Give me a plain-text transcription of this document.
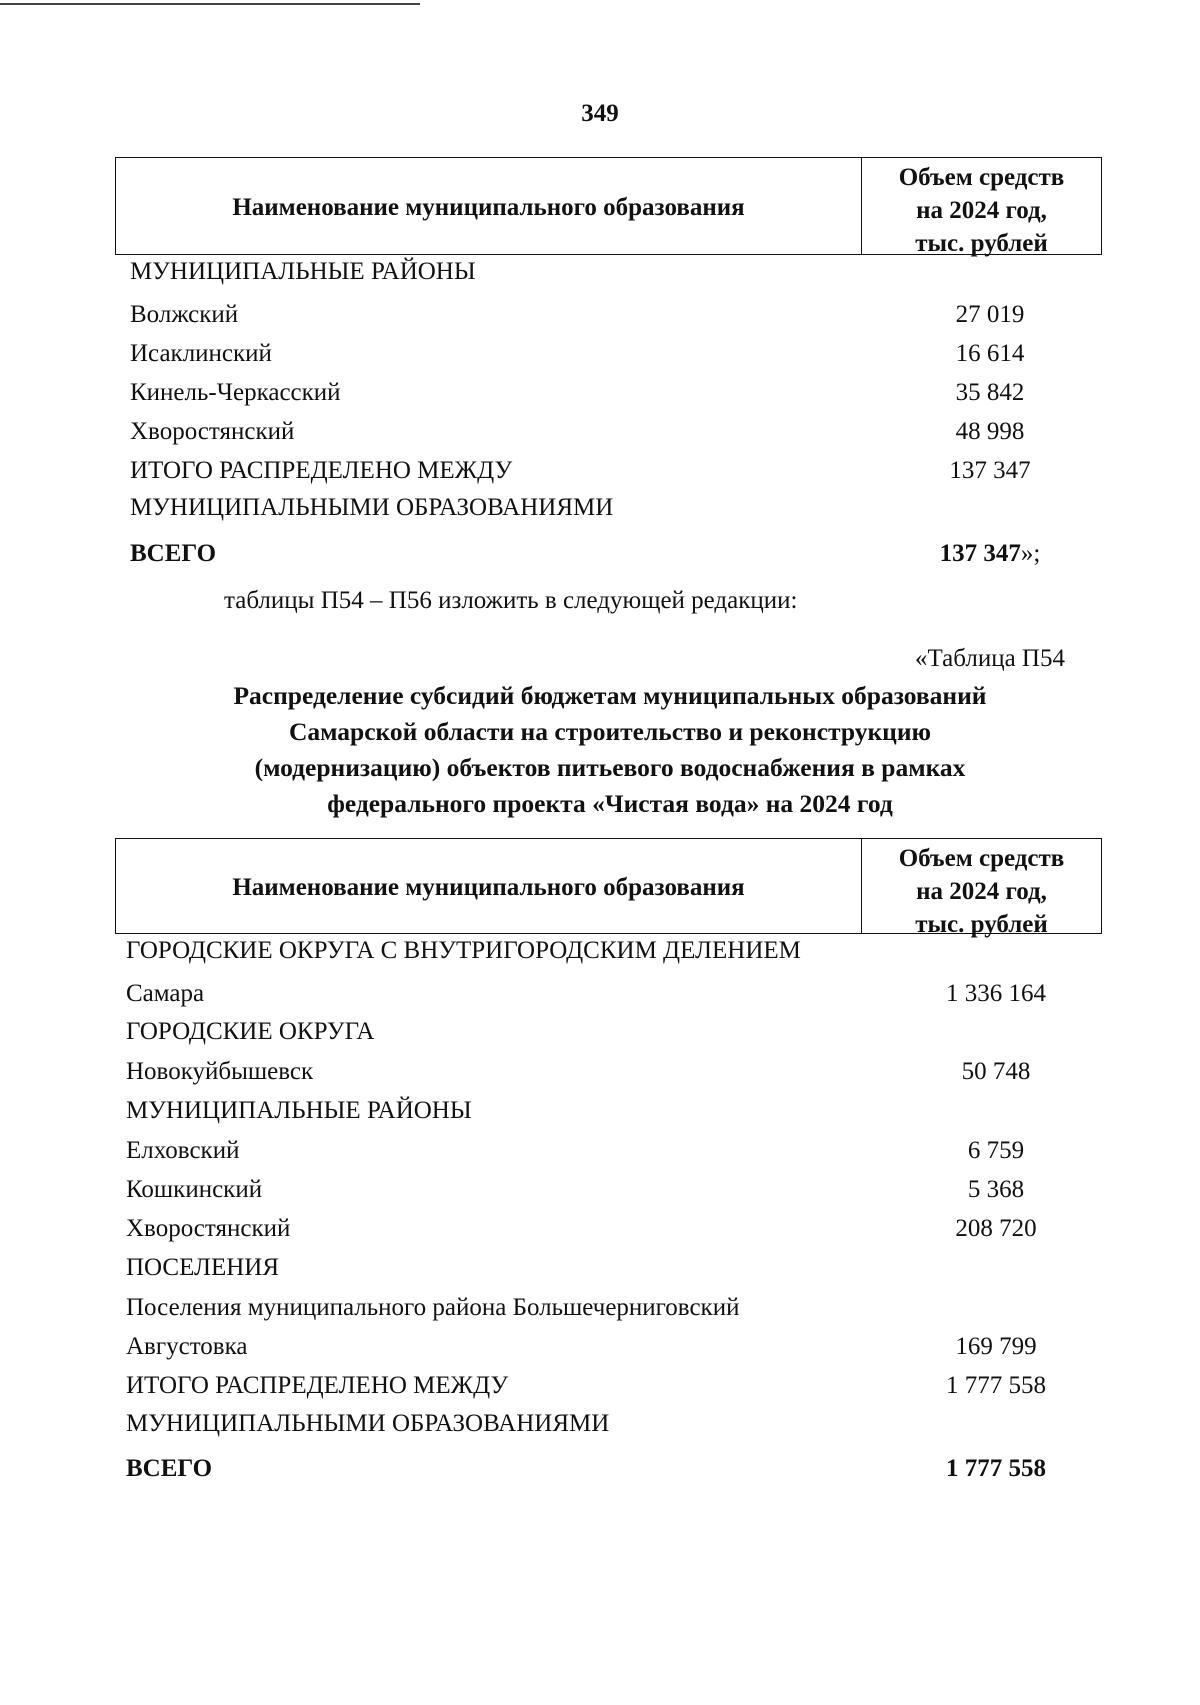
349
Наименование муниципального образования
Объем средств
на 2024 год,
тыс. рублей
МУНИЦИПАЛЬНЫЕ РАЙОНЫ
Волжский	27 019
Исаклинский	16 614
Кинель-Черкасский	35 842
Хворостянский	48 998
ИТОГО РАСПРЕДЕЛЕНО МЕЖДУ	137 347
МУНИЦИПАЛЬНЫМИ ОБРАЗОВАНИЯМИ
ВСЕГО	137 347»;
таблицы П54 – П56 изложить в следующей редакции:
«Таблица П54
Распределение субсидий бюджетам муниципальных образований
Самарской области на строительство и реконструкцию
(модернизацию) объектов питьевого водоснабжения в рамках
федерального проекта «Чистая вода» на 2024 год
Наименование муниципального образования
Объем средств
на 2024 год,
тыс. рублей
ГОРОДСКИЕ ОКРУГА С ВНУТРИГОРОДСКИМ ДЕЛЕНИЕМ
Самара	1 336 164
ГОРОДСКИЕ ОКРУГА
Новокуйбышевск	50 748
МУНИЦИПАЛЬНЫЕ РАЙОНЫ
Елховский	6 759
Кошкинский	5 368
Хворостянский	208 720
ПОСЕЛЕНИЯ
Поселения муниципального района Большечерниговский
Августовка	169 799
ИТОГО РАСПРЕДЕЛЕНО МЕЖДУ	1 777 558
МУНИЦИПАЛЬНЫМИ ОБРАЗОВАНИЯМИ
ВСЕГО	1 777 558
